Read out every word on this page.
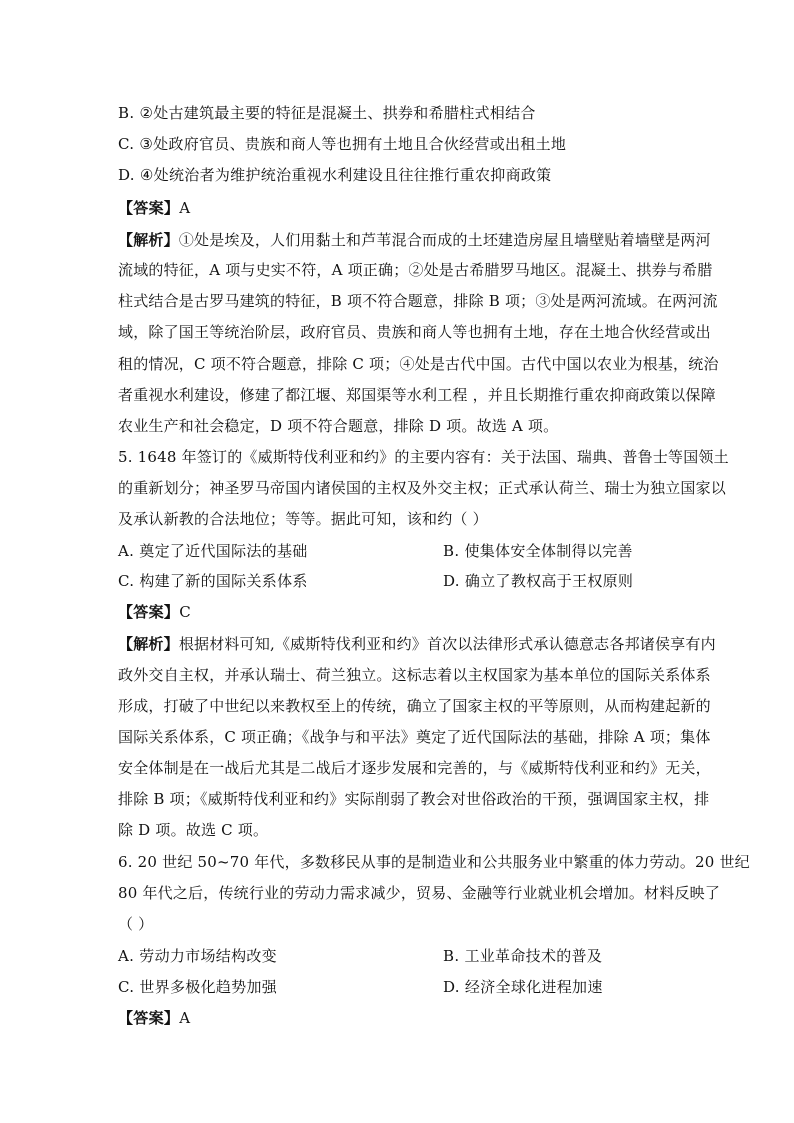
B. ②处古建筑最主要的特征是混凝土、拱券和希腊柱式相结合
C. ③处政府官员、贵族和商人等也拥有土地且合伙经营或出租土地
D. ④处统治者为维护统治重视水利建设且往往推行重农抑商政策
【答案】A
【解析】①处是埃及，人们用黏土和芦苇混合而成的土坯建造房屋且墙壁贴着墙壁是两河
流域的特征，A 项与史实不符，A 项正确；②处是古希腊罗马地区。混凝土、拱券与希腊
柱式结合是古罗马建筑的特征，B 项不符合题意，排除 B 项；③处是两河流域。在两河流
域，除了国王等统治阶层，政府官员、贵族和商人等也拥有土地，存在土地合伙经营或出
租的情况，C 项不符合题意，排除 C 项；④处是古代中国。古代中国以农业为根基，统治
者重视水利建设，修建了都江堰、郑国渠等水利工程 ，并且长期推行重农抑商政策以保障
农业生产和社会稳定，D 项不符合题意，排除 D 项。故选 A 项。
5. 1648 年签订的《威斯特伐利亚和约》的主要内容有：关于法国、瑞典、普鲁士等国领土
的重新划分；神圣罗马帝国内诸侯国的主权及外交主权；正式承认荷兰、瑞士为独立国家以
及承认新教的合法地位；等等。据此可知，该和约（ ）
A. 奠定了近代国际法的基础	B. 使集体安全体制得以完善
C. 构建了新的国际关系体系	D. 确立了教权高于王权原则
【答案】C
【解析】根据材料可知,《威斯特伐利亚和约》首次以法律形式承认德意志各邦诸侯享有内
政外交自主权，并承认瑞士、荷兰独立。这标志着以主权国家为基本单位的国际关系体系
形成，打破了中世纪以来教权至上的传统，确立了国家主权的平等原则，从而构建起新的
国际关系体系，C 项正确；《战争与和平法》奠定了近代国际法的基础，排除 A 项；集体
安全体制是在一战后尤其是二战后才逐步发展和完善的，与《威斯特伐利亚和约》无关，
排除 B 项；《威斯特伐利亚和约》实际削弱了教会对世俗政治的干预，强调国家主权，排
除 D 项。故选 C 项。
6. 20 世纪 50~70 年代，多数移民从事的是制造业和公共服务业中繁重的体力劳动。20 世纪
80 年代之后，传统行业的劳动力需求减少，贸易、金融等行业就业机会增加。材料反映了
（ ）
A. 劳动力市场结构改变	B. 工业革命技术的普及
C. 世界多极化趋势加强	D. 经济全球化进程加速
【答案】A
